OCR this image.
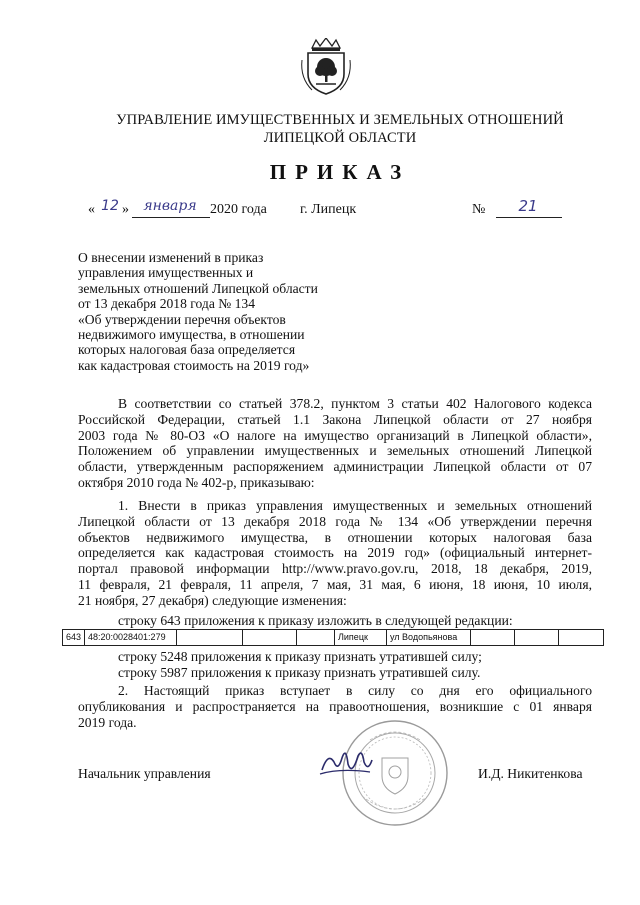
УПРАВЛЕНИЕ ИМУЩЕСТВЕННЫХ И ЗЕМЕЛЬНЫХ ОТНОШЕНИЙ
ЛИПЕЦКОЙ ОБЛАСТИ
ПРИКАЗ
« 12 »	января 2020 года г. Липецк	№	21
О внесении изменений в приказ
управления имущественных и
земельных отношений Липецкой области
от 13 декабря 2018 года № 134
«Об утверждении перечня объектов
недвижимого имущества, в отношении
которых налоговая база определяется
как кадастровая стоимость на 2019 год»
В соответствии со статьей 378.2, пунктом 3 статьи 402 Налогового кодекса
Российской Федерации, статьей 1.1 Закона Липецкой области от 27 ноября
2003 года № 80-ОЗ «О налоге на имущество организаций в Липецкой области»,
Положением об управлении имущественных и земельных отношений Липецкой
области, утвержденным распоряжением администрации Липецкой области от 07
октября 2010 года № 402-р, приказываю:
1. Внести в приказ управления имущественных и земельных отношений
Липецкой области от 13 декабря 2018 года № 134 «Об утверждении перечня
объектов недвижимого имущества, в отношении которых налоговая база
определяется как кадастровая стоимость на 2019 год» (официальный интернет-
портал правовой информации http://www.pravo.gov.ru, 2018, 18 декабря, 2019,
11 февраля, 21 февраля, 11 апреля, 7 мая, 31 мая, 6 июня, 18 июня, 10 июля,
21 ноября, 27 декабря) следующие изменения:
строку 643 приложения к приказу изложить в следующей редакции:
643 48:20:0028401:279	Липецк	ул Водопьянова
строку 5248 приложения к приказу признать утратившей силу;
строку 5987 приложения к приказу признать утратившей силу.
2. Настоящий приказ вступает в силу со дня его официального
опубликования и распространяется на правоотношения, возникшие с 01 января
2019 года.
Начальник управления	И.Д. Никитенкова
